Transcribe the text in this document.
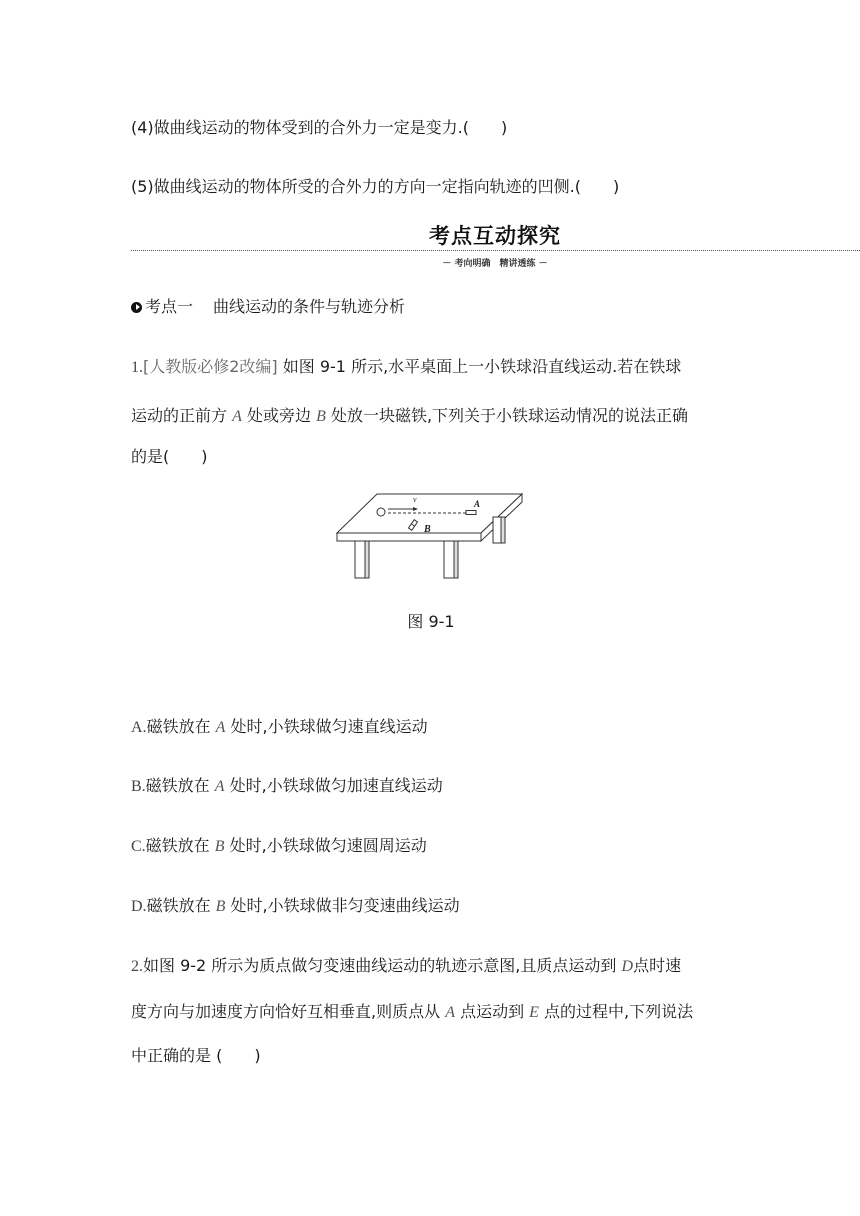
(4)做曲线运动的物体受到的合外力一定是变力.(　　)
(5)做曲线运动的物体所受的合外力的方向一定指向轨迹的凹侧.(　　)
考点互动探究
－ 考向明确　精讲透练 －
考点一 曲线运动的条件与轨迹分析
1.[人教版必修2改编] 如图 9-1 所示,水平桌面上一小铁球沿直线运动.若在铁球
运动的正前方 A 处或旁边 B 处放一块磁铁,下列关于小铁球运动情况的说法正确
的是(　　)
v	A
B
图 9-1
A.磁铁放在 A 处时,小铁球做匀速直线运动
B.磁铁放在 A 处时,小铁球做匀加速直线运动
C.磁铁放在 B 处时,小铁球做匀速圆周运动
D.磁铁放在 B 处时,小铁球做非匀变速曲线运动
2.如图 9-2 所示为质点做匀变速曲线运动的轨迹示意图,且质点运动到 D点时速
度方向与加速度方向恰好互相垂直,则质点从 A 点运动到 E 点的过程中,下列说法
中正确的是 (　　)
